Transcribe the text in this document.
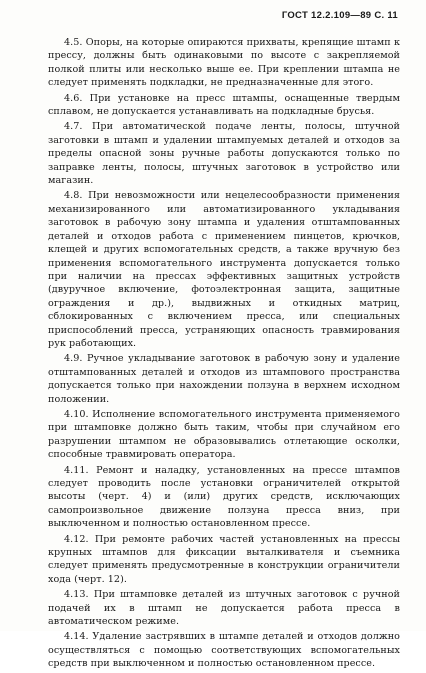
ГОСТ 12.2.109—89 С. 11

4.5. Опоры, на которые опираются прихваты, крепящие штамп к прессу, должны быть одинаковыми по высоте с закрепляемой полкой плиты или несколько выше ее. При креплении штампа не следует применять подкладки, не предназначенные для этого.

4.6. При установке на пресс штампы, оснащенные твердым сплавом, не допускается устанавливать на подкладные брусья.

4.7. При автоматической подаче ленты, полосы, штучной заготовки в штамп и удалении штампуемых деталей и отходов за пределы опасной зоны ручные работы допускаются только по заправке ленты, полосы, штучных заготовок в устройство или магазин.

4.8. При невозможности или нецелесообразности применения механизированного или автоматизированного укладывания заготовок в рабочую зону штампа и удаления отштампованных деталей и отходов работа с применением пинцетов, крючков, клещей и других вспомогательных средств, а также вручную без применения вспомогательного инструмента допускается только при наличии на прессах эффективных защитных устройств (двуручное включение, фотоэлектронная защита, защитные ограждения и др.), выдвижных и откидных матриц, сблокированных с включением пресса, или специальных приспособлений пресса, устраняющих опасность травмирования рук работающих.

4.9. Ручное укладывание заготовок в рабочую зону и удаление отштампованных деталей и отходов из штампового пространства допускается только при нахождении ползуна в верхнем исходном положении.

4.10. Исполнение вспомогательного инструмента применяемого при штамповке должно быть таким, чтобы при случайном его разрушении штампом не образовывались отлетающие осколки, способные травмировать оператора.

4.11. Ремонт и наладку, установленных на прессе штампов следует проводить после установки ограничителей открытой высоты (черт. 4) и (или) других средств, исключающих самопроизвольное движение ползуна пресса вниз, при выключенном и полностью остановленном прессе.

4.12. При ремонте рабочих частей установленных на прессы крупных штампов для фиксации выталкивателя и съемника следует применять предусмотренные в конструкции ограничители хода (черт. 12).

4.13. При штамповке деталей из штучных заготовок с ручной подачей их в штамп не допускается работа пресса в автоматическом режиме.

4.14. Удаление застрявших в штампе деталей и отходов должно осуществляться с помощью соответствующих вспомогательных средств при выключенном и полностью остановленном прессе.
